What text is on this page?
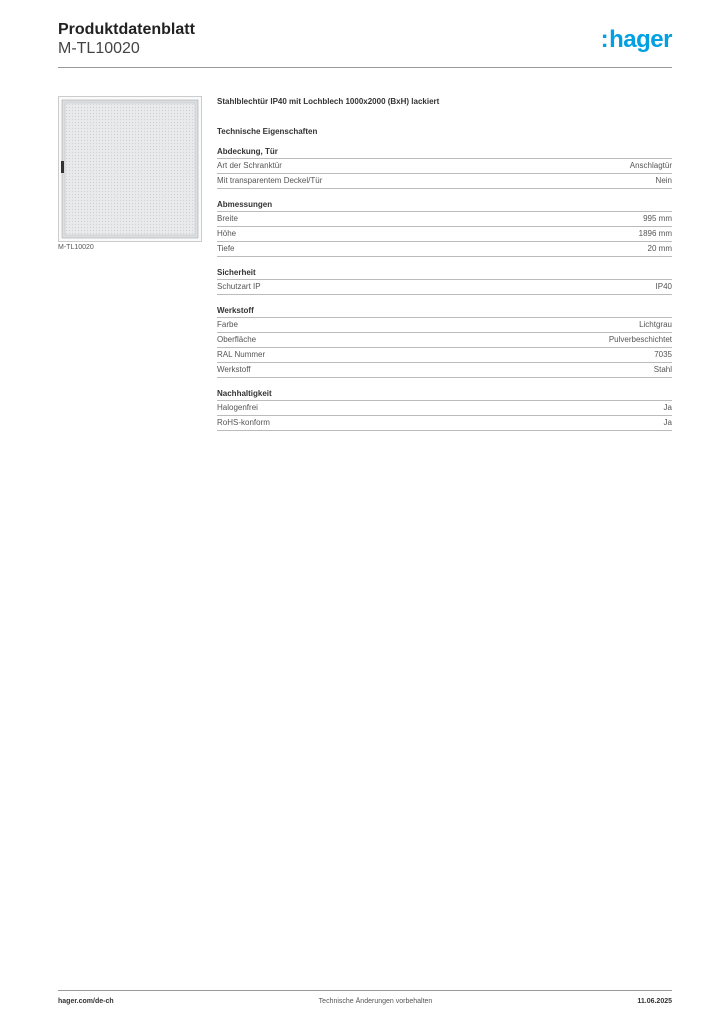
Produktdatenblatt
M-TL10020	:hager
M-TL10020
Stahlblechtür IP40 mit Lochblech 1000x2000 (BxH) lackiert
Technische Eigenschaften
Abdeckung, Tür
Art der Schranktür	Anschlagtür
Mit transparentem Deckel/Tür	Nein
Abmessungen
Breite	995 mm
Höhe	1896 mm
Tiefe	20 mm
Sicherheit
Schutzart IP	IP40
Werkstoff
Farbe	Lichtgrau
Oberfläche	Pulverbeschichtet
RAL Nummer	7035
Werkstoff	Stahl
Nachhaltigkeit
Halogenfrei	Ja
RoHS-konform	Ja
hager.com/de-ch	Technische Änderungen vorbehalten	11.06.2025
